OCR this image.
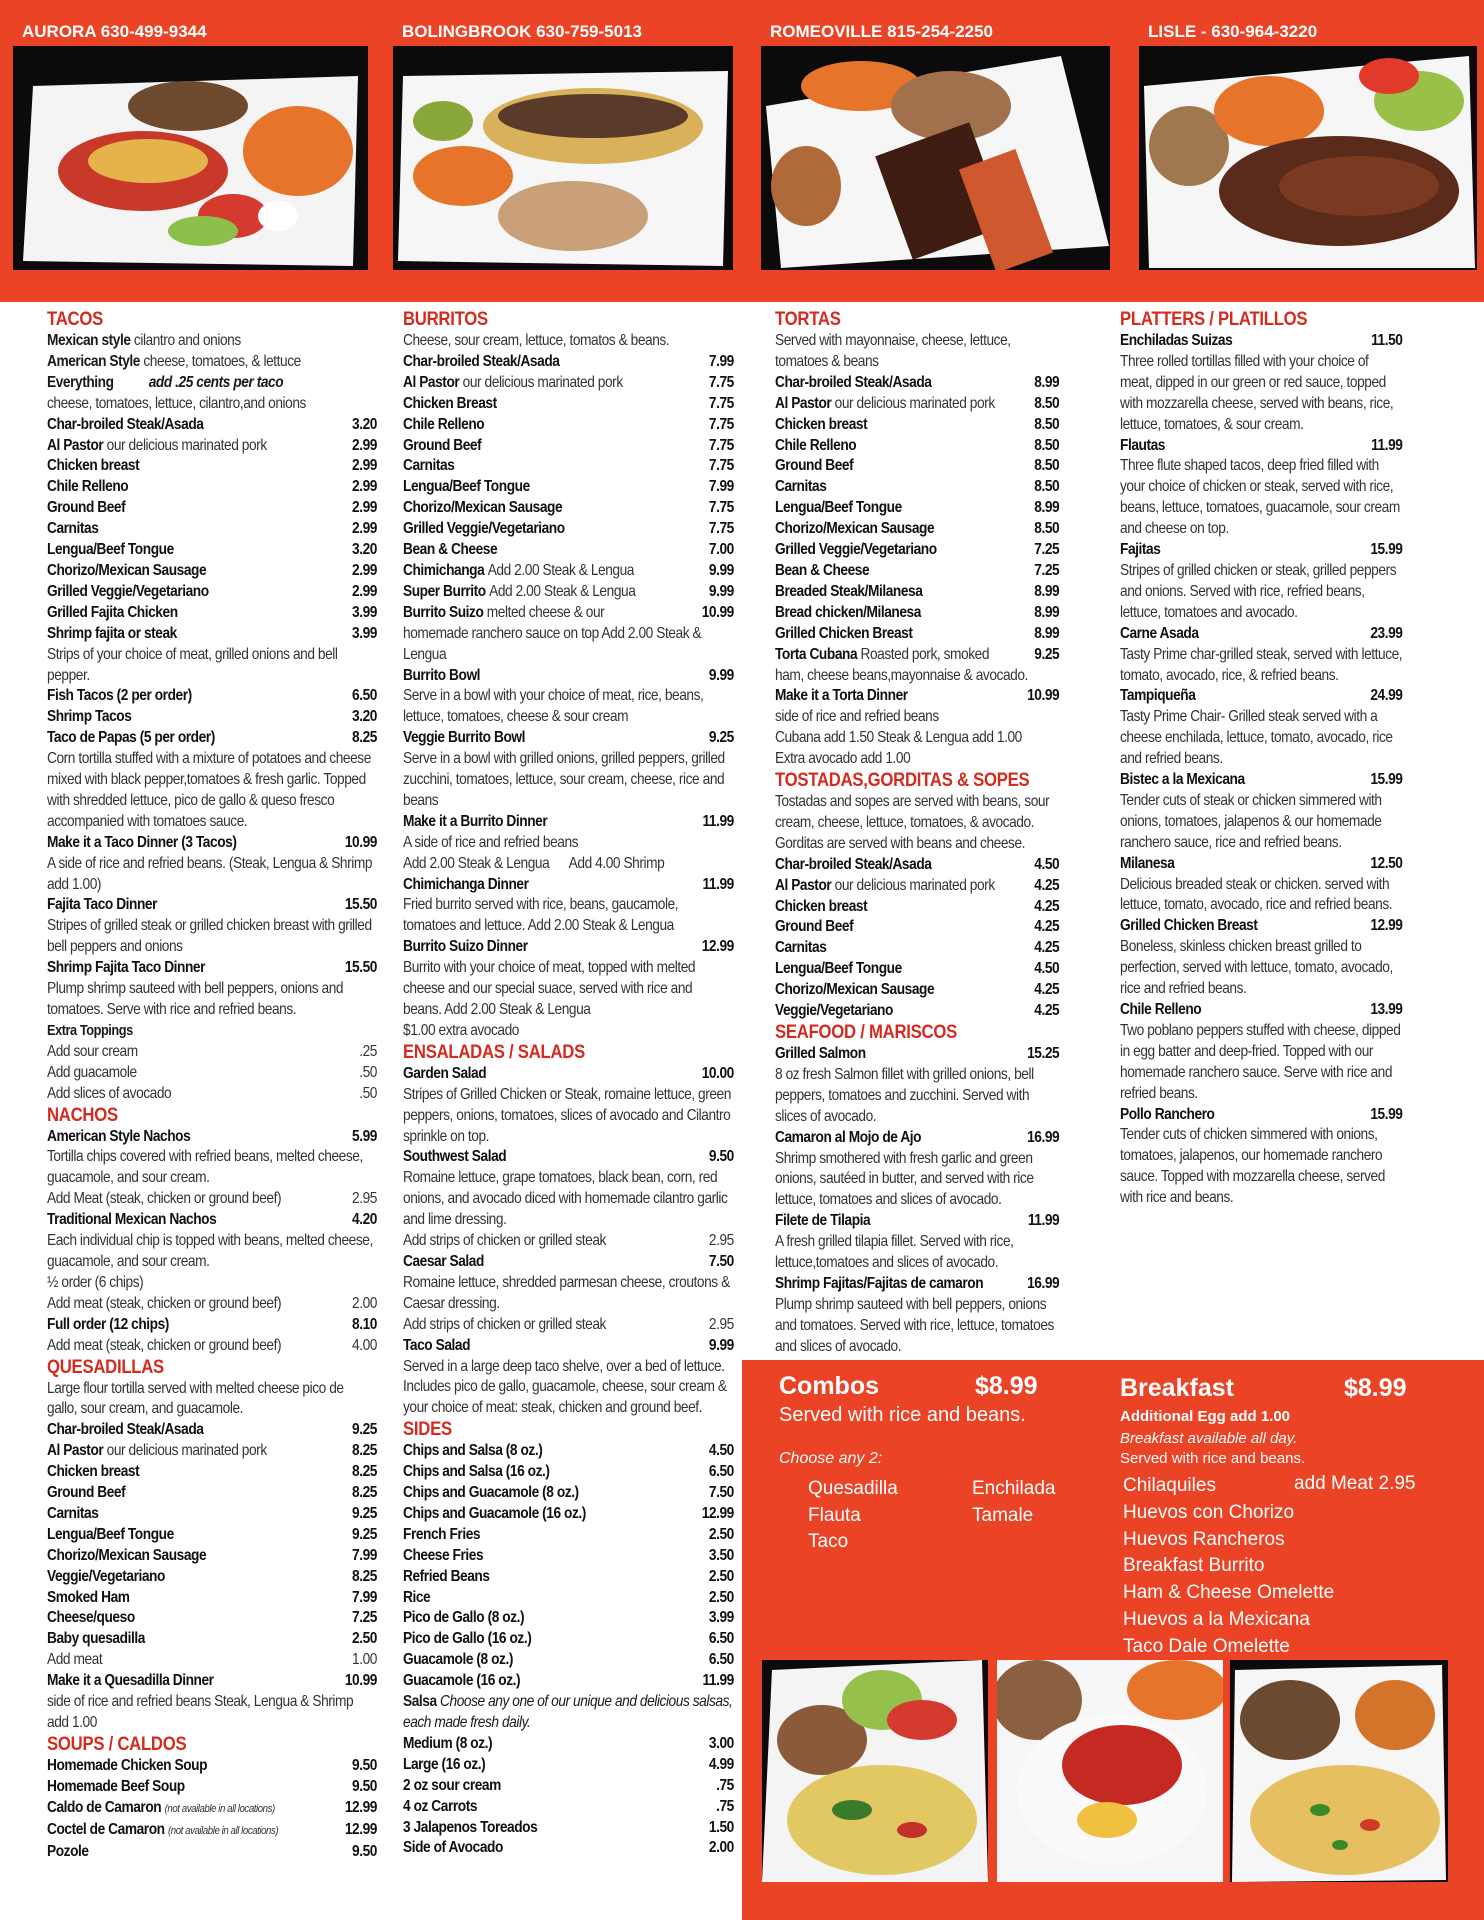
AURORA 630-499-9344	BOLINGBROOK 630-759-5013	ROMEOVILLE 815-254-2250	LISLE - 630-964-3220
TACOS
Mexican style cilantro and onions
American Style cheese, tomatoes, & lettuce
Everything add .25 cents per taco
cheese, tomatoes, lettuce, cilantro,and onions
Char-broiled Steak/Asada	3.20
Al Pastor our delicious marinated pork	2.99
Chicken breast	2.99
Chile Relleno	2.99
Ground Beef	2.99
Carnitas	2.99
Lengua/Beef Tongue	3.20
Chorizo/Mexican Sausage	2.99
Grilled Veggie/Vegetariano	2.99
Grilled Fajita Chicken	3.99
Shrimp fajita or steak	3.99
Strips of your choice of meat, grilled onions and bell pepper.
Fish Tacos (2 per order)	6.50
Shrimp Tacos	3.20
Taco de Papas (5 per order)	8.25
Corn tortilla stuffed with a mixture of potatoes and cheese mixed with black pepper,tomatoes & fresh garlic. Topped with shredded lettuce, pico de gallo & queso fresco accompanied with tomatoes sauce.
Make it a Taco Dinner (3 Tacos)	10.99
A side of rice and refried beans. (Steak, Lengua & Shrimp add 1.00)
Fajita Taco Dinner	15.50
Stripes of grilled steak or grilled chicken breast with grilled bell peppers and onions
Shrimp Fajita Taco Dinner	15.50
Plump shrimp sauteed with bell peppers, onions and tomatoes. Serve with rice and refried beans.
Extra Toppings
Add sour cream	.25
Add guacamole	.50
Add slices of avocado	.50
NACHOS
American Style Nachos	5.99
Tortilla chips covered with refried beans, melted cheese, guacamole, and sour cream.
Add Meat (steak, chicken or ground beef)	2.95
Traditional Mexican Nachos	4.20
Each individual chip is topped with beans, melted cheese, guacamole, and sour cream.
½ order (6 chips)
Add meat (steak, chicken or ground beef)	2.00
Full order (12 chips)	8.10
Add meat (steak, chicken or ground beef)	4.00
QUESADILLAS
Large flour tortilla served with melted cheese pico de gallo, sour cream, and guacamole.
Char-broiled Steak/Asada	9.25
Al Pastor our delicious marinated pork	8.25
Chicken breast	8.25
Ground Beef	8.25
Carnitas	9.25
Lengua/Beef Tongue	9.25
Chorizo/Mexican Sausage	7.99
Veggie/Vegetariano	8.25
Smoked Ham	7.99
Cheese/queso	7.25
Baby quesadilla	2.50
Add meat	1.00
Make it a Quesadilla Dinner	10.99
side of rice and refried beans Steak, Lengua & Shrimp add 1.00
SOUPS / CALDOS
Homemade Chicken Soup	9.50
Homemade Beef Soup	9.50
Caldo de Camaron (not available in all locations)	12.99
Coctel de Camaron (not available in all locations)	12.99
Pozole	9.50
BURRITOS
Cheese, sour cream, lettuce, tomatos & beans.
Char-broiled Steak/Asada	7.99
Al Pastor our delicious marinated pork	7.75
Chicken Breast	7.75
Chile Relleno	7.75
Ground Beef	7.75
Carnitas	7.75
Lengua/Beef Tongue	7.99
Chorizo/Mexican Sausage	7.75
Grilled Veggie/Vegetariano	7.75
Bean & Cheese	7.00
Chimichanga Add 2.00 Steak & Lengua	9.99
Super Burrito Add 2.00 Steak & Lengua	9.99
Burrito Suizo melted cheese & our	10.99
homemade ranchero sauce on top Add 2.00 Steak & Lengua
Burrito Bowl	9.99
Serve in a bowl with your choice of meat, rice, beans, lettuce, tomatoes, cheese & sour cream
Veggie Burrito Bowl	9.25
Serve in a bowl with grilled onions, grilled peppers, grilled zucchini, tomatoes, lettuce, sour cream, cheese, rice and beans
Make it a Burrito Dinner	11.99
A side of rice and refried beans
Add 2.00 Steak & Lengua Add 4.00 Shrimp
Chimichanga Dinner	11.99
Fried burrito served with rice, beans, gaucamole, tomatoes and lettuce. Add 2.00 Steak & Lengua
Burrito Suizo Dinner	12.99
Burrito with your choice of meat, topped with melted cheese and our special suace, served with rice and beans. Add 2.00 Steak & Lengua
$1.00 extra avocado
ENSALADAS / SALADS
Garden Salad	10.00
Stripes of Grilled Chicken or Steak, romaine lettuce, green peppers, onions, tomatoes, slices of avocado and Cilantro sprinkle on top.
Southwest Salad	9.50
Romaine lettuce, grape tomatoes, black bean, corn, red onions, and avocado diced with homemade cilantro garlic and lime dressing.
Add strips of chicken or grilled steak	2.95
Caesar Salad	7.50
Romaine lettuce, shredded parmesan cheese, croutons & Caesar dressing.
Add strips of chicken or grilled steak	2.95
Taco Salad	9.99
Served in a large deep taco shelve, over a bed of lettuce. Includes pico de gallo, guacamole, cheese, sour cream & your choice of meat: steak, chicken and ground beef.
SIDES
Chips and Salsa (8 oz.)	4.50
Chips and Salsa (16 oz.)	6.50
Chips and Guacamole (8 oz.)	7.50
Chips and Guacamole (16 oz.)	12.99
French Fries	2.50
Cheese Fries	3.50
Refried Beans	2.50
Rice	2.50
Pico de Gallo (8 oz.)	3.99
Pico de Gallo (16 oz.)	6.50
Guacamole (8 oz.)	6.50
Guacamole (16 oz.)	11.99
Salsa Choose any one of our unique and delicious salsas, each made fresh daily.
Medium (8 oz.)	3.00
Large (16 oz.)	4.99
2 oz sour cream	.75
4 oz Carrots	.75
3 Jalapenos Toreados	1.50
Side of Avocado	2.00
TORTAS
Served with mayonnaise, cheese, lettuce, tomatoes & beans
Char-broiled Steak/Asada	8.99
Al Pastor our delicious marinated pork	8.50
Chicken breast	8.50
Chile Relleno	8.50
Ground Beef	8.50
Carnitas	8.50
Lengua/Beef Tongue	8.99
Chorizo/Mexican Sausage	8.50
Grilled Veggie/Vegetariano	7.25
Bean & Cheese	7.25
Breaded Steak/Milanesa	8.99
Bread chicken/Milanesa	8.99
Grilled Chicken Breast	8.99
Torta Cubana Roasted pork, smoked	9.25
ham, cheese beans,mayonnaise & avocado.
Make it a Torta Dinner	10.99
side of rice and refried beans
Cubana add 1.50 Steak & Lengua add 1.00
Extra avocado add 1.00
TOSTADAS,GORDITAS & SOPES
Tostadas and sopes are served with beans, sour cream, cheese, lettuce, tomatoes, & avocado. Gorditas are served with beans and cheese.
Char-broiled Steak/Asada	4.50
Al Pastor our delicious marinated pork	4.25
Chicken breast	4.25
Ground Beef	4.25
Carnitas	4.25
Lengua/Beef Tongue	4.50
Chorizo/Mexican Sausage	4.25
Veggie/Vegetariano	4.25
SEAFOOD / MARISCOS
Grilled Salmon	15.25
8 oz fresh Salmon fillet with grilled onions, bell peppers, tomatoes and zucchini. Served with slices of avocado.
Camaron al Mojo de Ajo	16.99
Shrimp smothered with fresh garlic and green onions, sautéed in butter, and served with rice lettuce, tomatoes and slices of avocado.
Filete de Tilapia	11.99
A fresh grilled tilapia fillet. Served with rice, lettuce,tomatoes and slices of avocado.
Shrimp Fajitas/Fajitas de camaron	16.99
Plump shrimp sauteed with bell peppers, onions and tomatoes. Served with rice, lettuce, tomatoes and slices of avocado.
PLATTERS / PLATILLOS
Enchiladas Suizas	11.50
Three rolled tortillas filled with your choice of meat, dipped in our green or red sauce, topped with mozzarella cheese, served with beans, rice, lettuce, tomatoes, & sour cream.
Flautas	11.99
Three flute shaped tacos, deep fried filled with your choice of chicken or steak, served with rice, beans, lettuce, tomatoes, guacamole, sour cream and cheese on top.
Fajitas	15.99
Stripes of grilled chicken or steak, grilled peppers and onions. Served with rice, refried beans, lettuce, tomatoes and avocado.
Carne Asada	23.99
Tasty Prime char-grilled steak, served with lettuce, tomato, avocado, rice, & refried beans.
Tampiqueña	24.99
Tasty Prime Chair- Grilled steak served with a cheese enchilada, lettuce, tomato, avocado, rice and refried beans.
Bistec a la Mexicana	15.99
Tender cuts of steak or chicken simmered with onions, tomatoes, jalapenos & our homemade ranchero sauce, rice and refried beans.
Milanesa	12.50
Delicious breaded steak or chicken. served with lettuce, tomato, avocado, rice and refried beans.
Grilled Chicken Breast	12.99
Boneless, skinless chicken breast grilled to perfection, served with lettuce, tomato, avocado, rice and refried beans.
Chile Relleno	13.99
Two poblano peppers stuffed with cheese, dipped in egg batter and deep-fried. Topped with our homemade ranchero sauce. Serve with rice and refried beans.
Pollo Ranchero	15.99
Tender cuts of chicken simmered with onions, tomatoes, jalapenos, our homemade ranchero sauce. Topped with mozzarella cheese, served with rice and beans.
Combos	$8.99
Served with rice and beans.
Choose any 2:
Quesadilla
Flauta
Taco
Enchilada
Tamale
Breakfast	$8.99
Additional Egg add 1.00
Breakfast available all day.
Served with rice and beans.
Chilaquiles
Huevos con Chorizo
Huevos Rancheros
Breakfast Burrito
Ham & Cheese Omelette
Huevos a la Mexicana
Taco Dale Omelette
add Meat 2.95
